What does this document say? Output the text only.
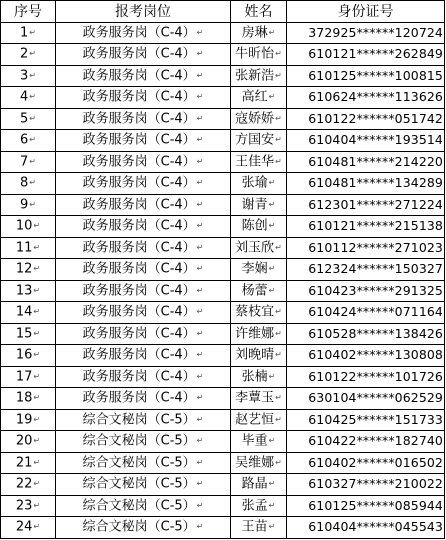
序号	报考岗位	姓名	身份证号
1↵	政务服务岗（C-4）↵	房琳↵	372925******120724
2↵	政务服务岗（C-4）↵	牛昕怡↵	610121******262849
3↵	政务服务岗（C-4）↵	张新浩↵	610125******100815
4↵	政务服务岗（C-4）↵	高红↵	610624******113626
5↵	政务服务岗（C-4）↵	寇娇娇↵	610122******051742
6↵	政务服务岗（C-4）↵	方国安↵	610404******193514
7↵	政务服务岗（C-4）↵	王佳华↵	610481******214220
8↵	政务服务岗（C-4）↵	张瑜↵	610481******134289
9↵	政务服务岗（C-4）↵	谢青↵	612301******271224
10↵	政务服务岗（C-4）↵	陈创↵	610121******215138
11↵	政务服务岗（C-4）↵	刘玉欣↵	610112******271023
12↵	政务服务岗（C-4）↵	李娴↵	612324******150327
13↵	政务服务岗（C-4）↵	杨蕾↵	610423******291325
14↵	政务服务岗（C-4）↵	蔡枝宜↵	610424******071164
15↵	政务服务岗（C-4）↵	许维娜↵	610528******138426
16↵	政务服务岗（C-4）↵	刘晚晴↵	610402******130808
17↵	政务服务岗（C-4）↵	张楠↵	610122******101726
18↵	政务服务岗（C-4）↵	李蕈玉↵	630104******062529
19↵	综合文秘岗（C-5）↵	赵艺恒↵	610425******151733
20↵	综合文秘岗（C-5）↵	毕重↵	610422******182740
21↵	综合文秘岗（C-5）↵	吴维娜↵	610402******016502
22↵	综合文秘岗（C-5）↵	路晶↵	610327******210022
23↵	综合文秘岗（C-5）↵	张孟↵	610125******085944
24↵	综合文秘岗（C-5）↵	王苗↵	610404******045543
